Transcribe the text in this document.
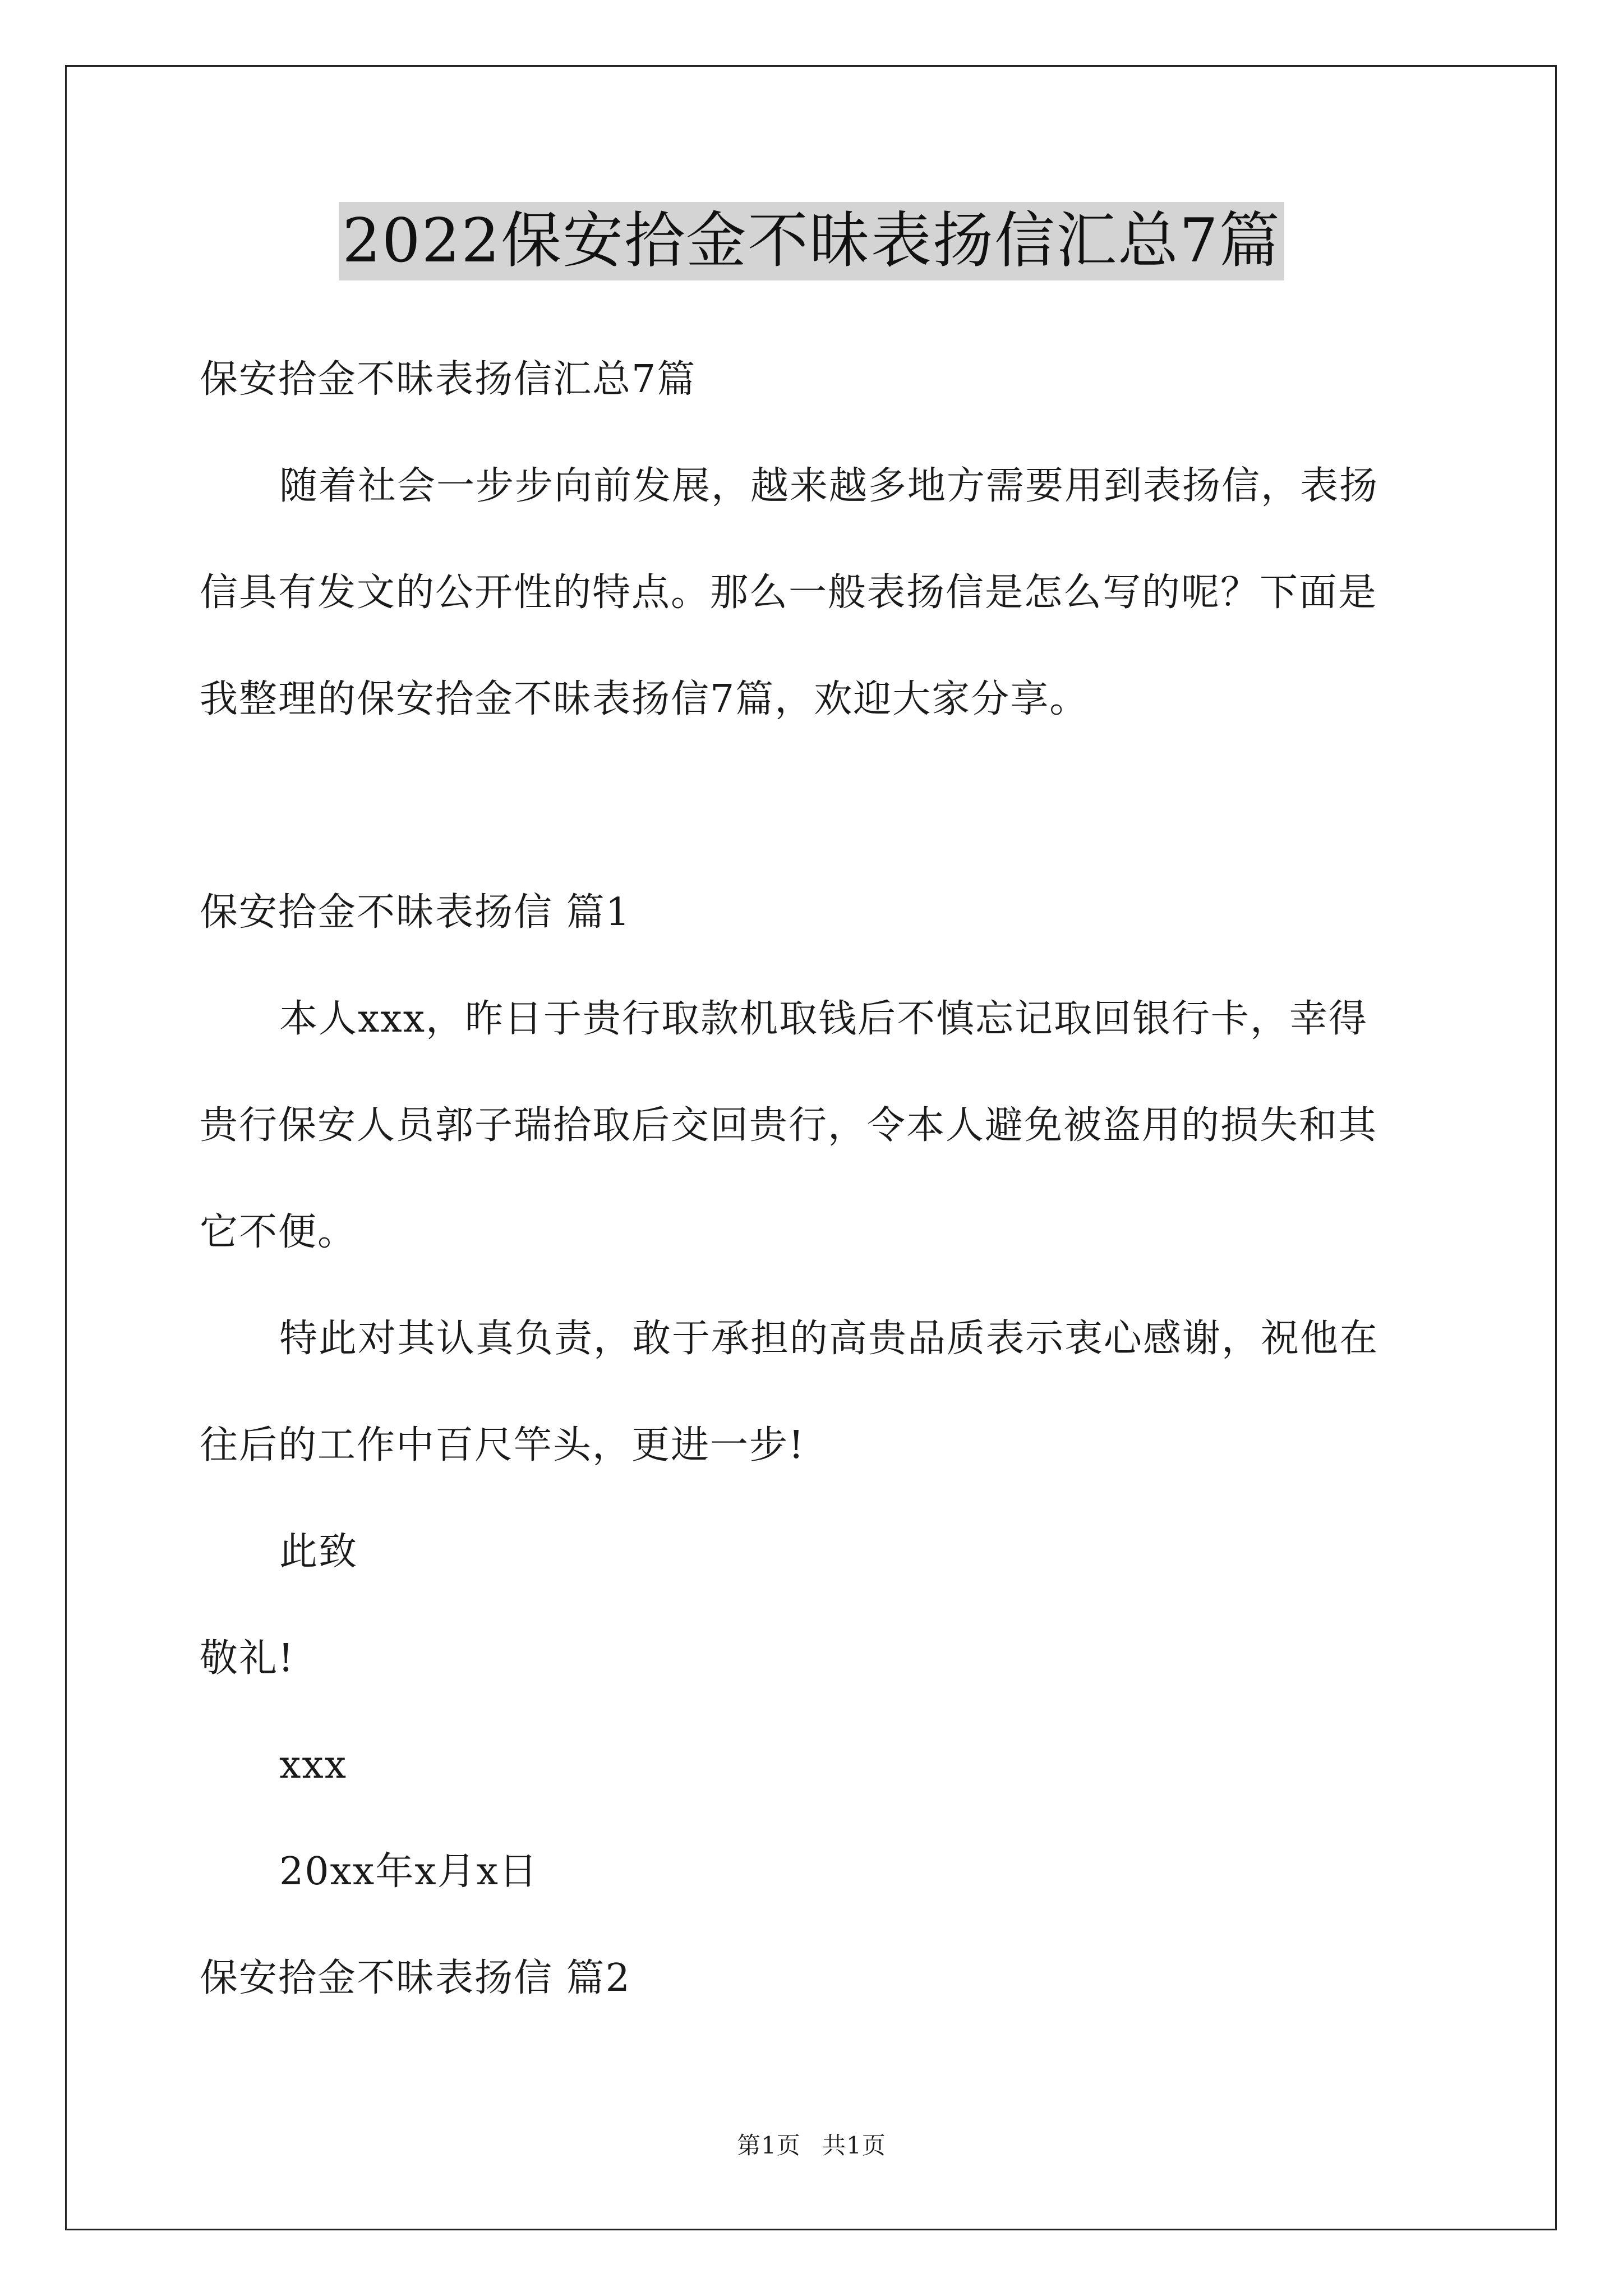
2022保安拾金不昧表扬信汇总7篇
保安拾金不昧表扬信汇总7篇
随着社会一步步向前发展，越来越多地方需要用到表扬信，表扬
信具有发文的公开性的特点。那么一般表扬信是怎么写的呢？下面是
我整理的保安拾金不昧表扬信7篇，欢迎大家分享。
保安拾金不昧表扬信 篇1
本人xxx，昨日于贵行取款机取钱后不慎忘记取回银行卡，幸得
贵行保安人员郭子瑞拾取后交回贵行，令本人避免被盗用的损失和其
它不便。
特此对其认真负责，敢于承担的高贵品质表示衷心感谢，祝他在
往后的工作中百尺竿头，更进一步!
此致
敬礼!
xxx
20xx年x月x日
保安拾金不昧表扬信 篇2
第1页 共1页
